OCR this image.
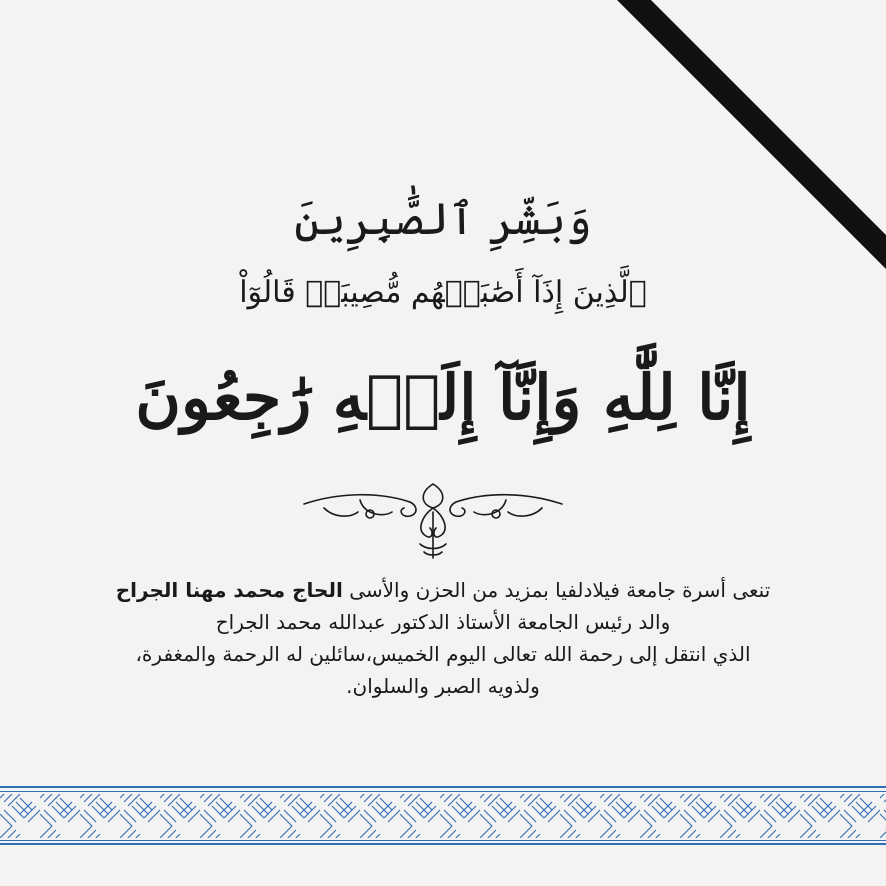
وَبَشِّرِ ٱلصَّٰبِرِينَ
ٱلَّذِينَ إِذَآ أَصَٰبَتۡهُم مُّصِيبَةٞ قَالُوٓاْ
إِنَّا لِلَّٰهِ وَإِنَّآ إِلَيۡهِ رَٰجِعُونَ
تنعى أسرة جامعة فيلادلفيا بمزيد من الحزن والأسى الحاج محمد مهنا الجراح
والد رئيس الجامعة الأستاذ الدكتور عبدالله محمد الجراح
الذي انتقل إلى رحمة الله تعالى اليوم الخميس،سائلين له الرحمة والمغفرة،
ولذويه الصبر والسلوان.
